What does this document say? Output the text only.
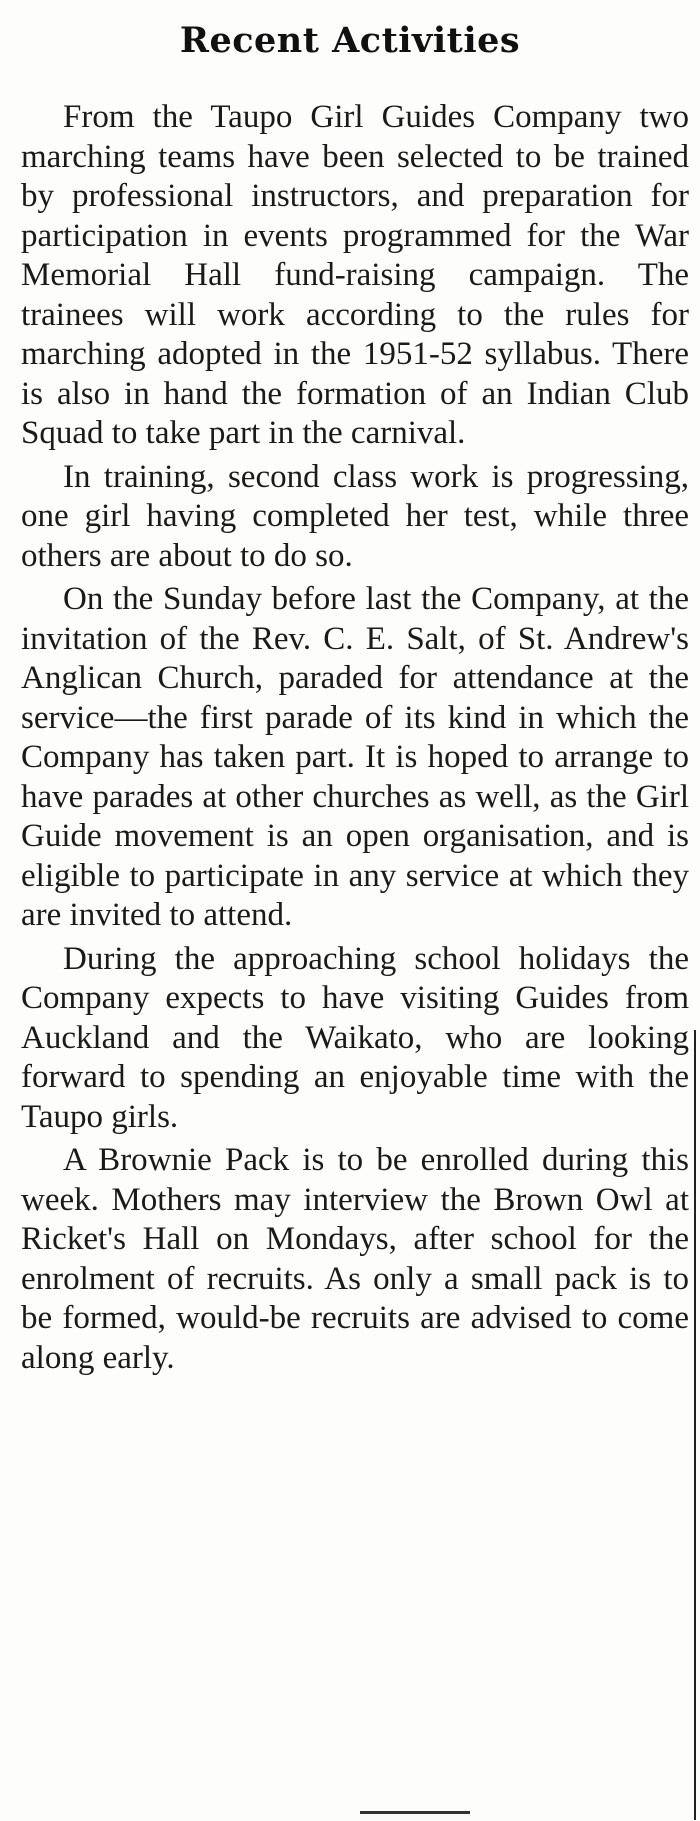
Recent Activities

From the Taupo Girl Guides Company two marching teams have been selected to be trained by professional instructors, and preparation for participation in events programmed for the War Memorial Hall fund-raising campaign. The trainees will work according to the rules for marching adopted in the 1951-52 syllabus. There is also in hand the formation of an Indian Club Squad to take part in the carnival.

In training, second class work is progressing, one girl having completed her test, while three others are about to do so.

On the Sunday before last the Company, at the invitation of the Rev. C. E. Salt, of St. Andrew's Anglican Church, paraded for attendance at the service—the first parade of its kind in which the Company has taken part. It is hoped to arrange to have parades at other churches as well, as the Girl Guide movement is an open organisation, and is eligible to participate in any service at which they are invited to attend.

During the approaching school holidays the Company expects to have visiting Guides from Auckland and the Waikato, who are looking forward to spending an enjoyable time with the Taupo girls.

A Brownie Pack is to be enrolled during this week. Mothers may interview the Brown Owl at Ricket's Hall on Mondays, after school for the enrolment of recruits. As only a small pack is to be formed, would-be recruits are advised to come along early.
